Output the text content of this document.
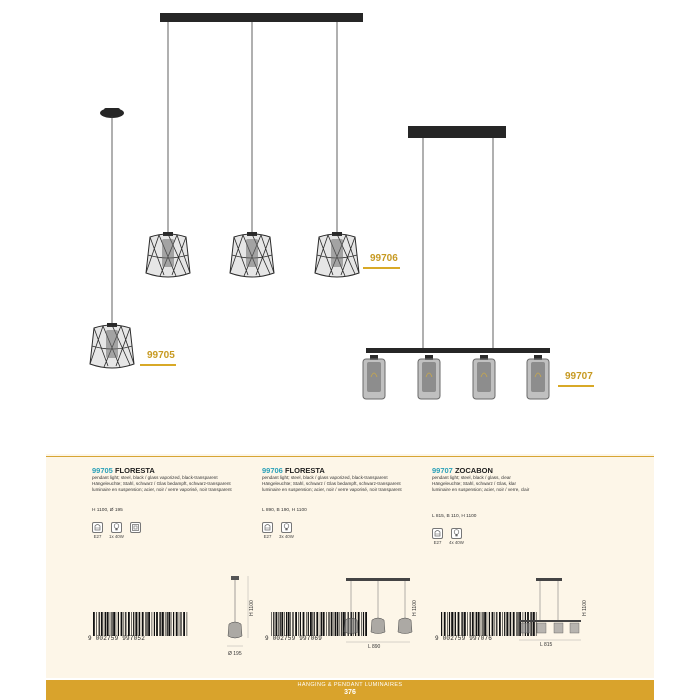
99705
99706
99707
99705 FLORESTA
pendant light; steel, black / glass vaporized, black-transparent
Hängeleuchte; Stahl, schwarz / Glas bedampft, schwarz-transparent
luminaire en suspension; acier, noir / verre vaporisé, noir transparent
H 1100, Ø 195
E27 1x 40W
99706 FLORESTA
pendant light; steel, black / glass vaporized, black-transparent
Hängeleuchte; Stahl, schwarz / Glas bedampft, schwarz-transparent
luminaire en suspension; acier, noir / verre vaporisé, noir transparent
L 890, B 190, H 1100
E27 3x 40W
99707 ZOCABON
pendant light; steel, black / glass, clear
Hängeleuchte; Stahl, schwarz / Glas, klar
luminaire en suspension; acier, noir / verre, clair
L 815, B 110, H 1100
E27 4x 40W
9 002759 997052	9 002759 997069	9 002759 997076
H 1100
Ø 195
H 1100
L 890
H 1100
L 815
HANGING & PENDANT LUMINAIRES
376
